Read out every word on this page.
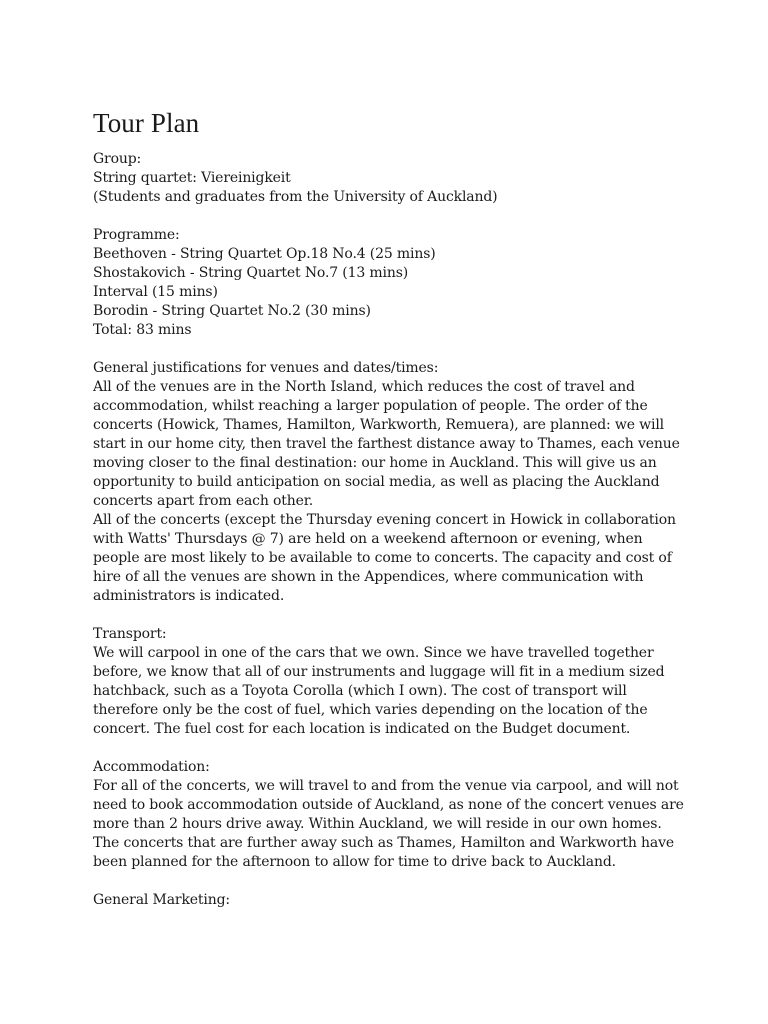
Tour Plan
Group:
String quartet: Viereinigkeit
(Students and graduates from the University of Auckland)
Programme:
Beethoven - String Quartet Op.18 No.4 (25 mins)
Shostakovich - String Quartet No.7 (13 mins)
Interval (15 mins)
Borodin - String Quartet No.2 (30 mins)
Total: 83 mins
General justifications for venues and dates/times:
All of the venues are in the North Island, which reduces the cost of travel and
accommodation, whilst reaching a larger population of people. The order of the
concerts (Howick, Thames, Hamilton, Warkworth, Remuera), are planned: we will
start in our home city, then travel the farthest distance away to Thames, each venue
moving closer to the final destination: our home in Auckland. This will give us an
opportunity to build anticipation on social media, as well as placing the Auckland
concerts apart from each other.
All of the concerts (except the Thursday evening concert in Howick in collaboration
with Watts' Thursdays @ 7) are held on a weekend afternoon or evening, when
people are most likely to be available to come to concerts. The capacity and cost of
hire of all the venues are shown in the Appendices, where communication with
administrators is indicated.
Transport:
We will carpool in one of the cars that we own. Since we have travelled together
before, we know that all of our instruments and luggage will fit in a medium sized
hatchback, such as a Toyota Corolla (which I own). The cost of transport will
therefore only be the cost of fuel, which varies depending on the location of the
concert. The fuel cost for each location is indicated on the Budget document.
Accommodation:
For all of the concerts, we will travel to and from the venue via carpool, and will not
need to book accommodation outside of Auckland, as none of the concert venues are
more than 2 hours drive away. Within Auckland, we will reside in our own homes.
The concerts that are further away such as Thames, Hamilton and Warkworth have
been planned for the afternoon to allow for time to drive back to Auckland.
General Marketing:
